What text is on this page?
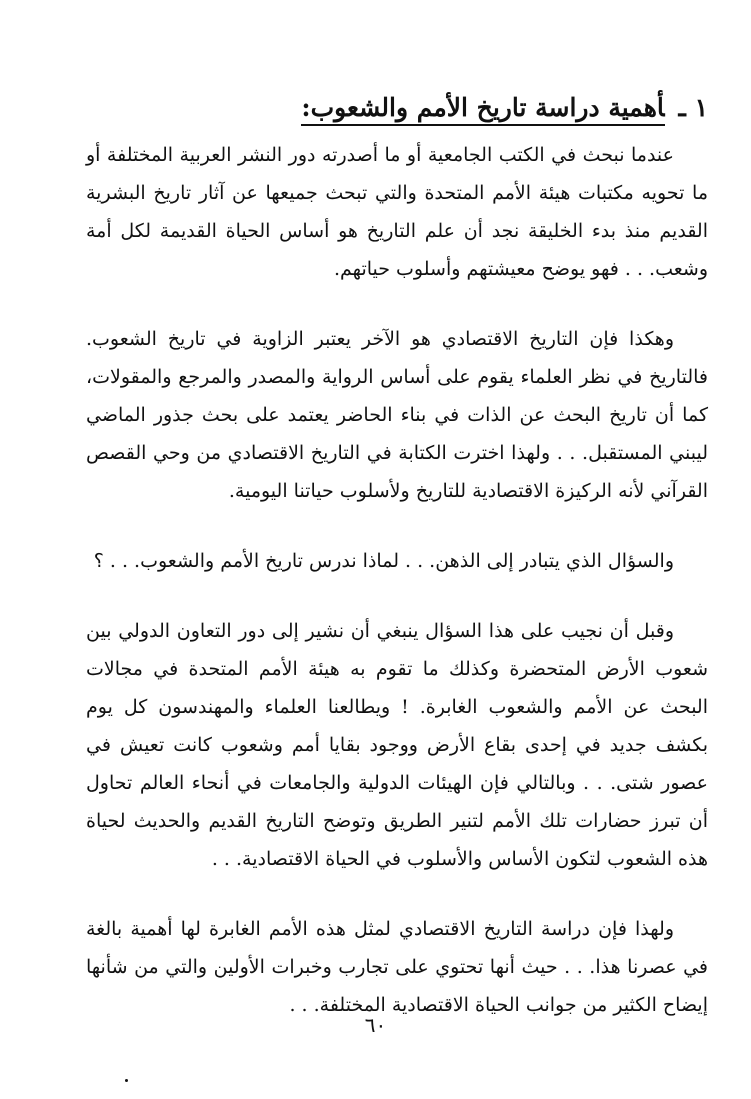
١ ـأهمية دراسة تاريخ الأمم والشعوب:

عندما نبحث في الكتب الجامعية أو ما أصدرته دور النشر العربية المختلفة أو ما تحويه مكتبات هيئة الأمم المتحدة والتي تبحث جميعها عن آثار تاريخ البشرية القديم منذ بدء الخليقة نجد أن علم التاريخ هو أساس الحياة القديمة لكل أمة وشعب. . . فهو يوضح معيشتهم وأسلوب حياتهم.

وهكذا فإن التاريخ الاقتصادي هو الآخر يعتبر الزاوية في تاريخ الشعوب. فالتاريخ في نظر العلماء يقوم على أساس الرواية والمصدر والمرجع والمقولات، كما أن تاريخ البحث عن الذات في بناء الحاضر يعتمد على بحث جذور الماضي ليبني المستقبل. . . ولهذا اخترت الكتابة في التاريخ الاقتصادي من وحي القصص القرآني لأنه الركيزة الاقتصادية للتاريخ ولأسلوب حياتنا اليومية.

والسؤال الذي يتبادر إلى الذهن. . . لماذا ندرس تاريخ الأمم والشعوب. . . ؟

وقبل أن نجيب على هذا السؤال ينبغي أن نشير إلى دور التعاون الدولي بين شعوب الأرض المتحضرة وكذلك ما تقوم به هيئة الأمم المتحدة في مجالات البحث عن الأمم والشعوب الغابرة. ! ويطالعنا العلماء والمهندسون كل يوم بكشف جديد في إحدى بقاع الأرض ووجود بقايا أمم وشعوب كانت تعيش في عصور شتى. . . وبالتالي فإن الهيئات الدولية والجامعات في أنحاء العالم تحاول أن تبرز حضارات تلك الأمم لتنير الطريق وتوضح التاريخ القديم والحديث لحياة هذه الشعوب لتكون الأساس والأسلوب في الحياة الاقتصادية. . .

ولهذا فإن دراسة التاريخ الاقتصادي لمثل هذه الأمم الغابرة لها أهمية بالغة في عصرنا هذا. . . حيث أنها تحتوي على تجارب وخبرات الأولين والتي من شأنها إيضاح الكثير من جوانب الحياة الاقتصادية المختلفة. . .

٦٠
